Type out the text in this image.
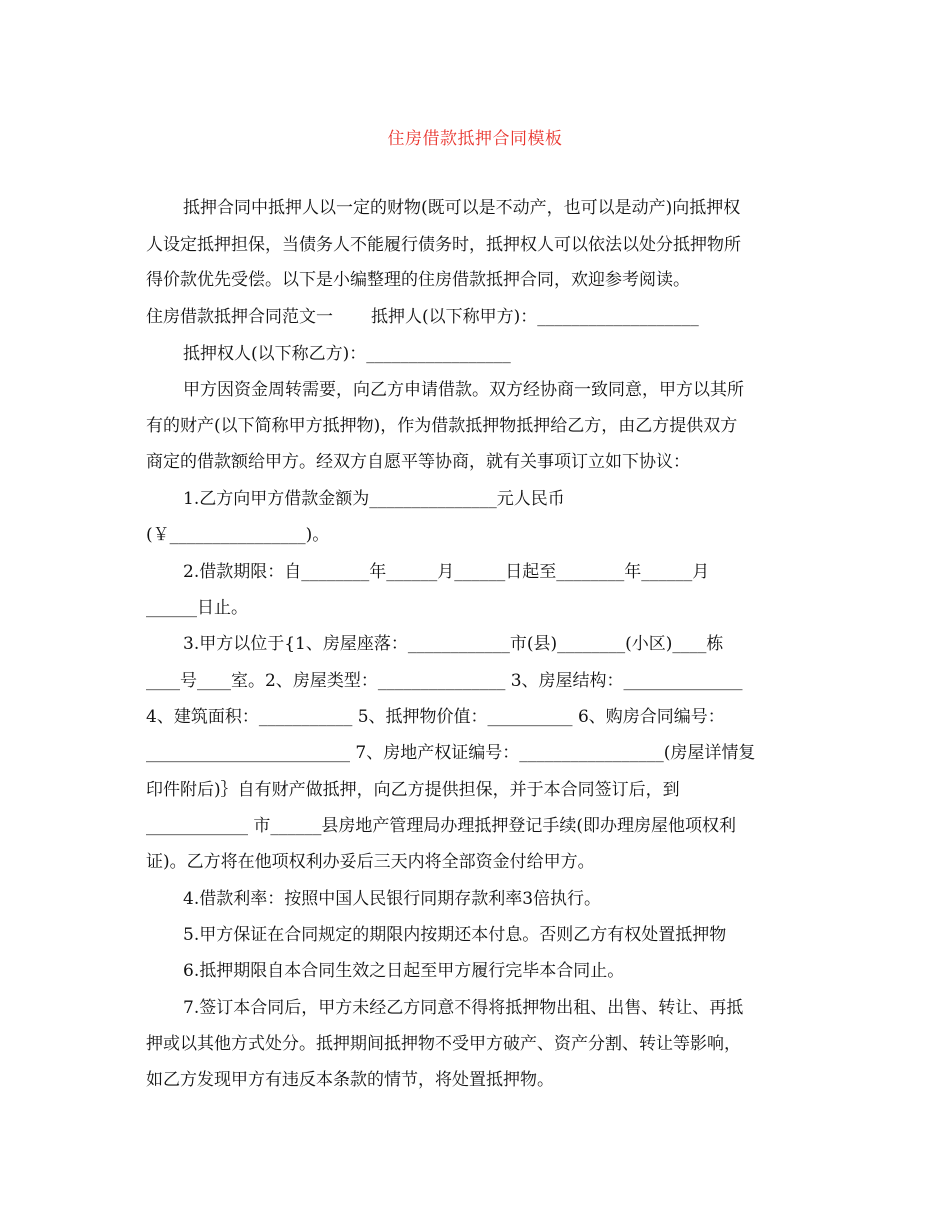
住房借款抵押合同模板
抵押合同中抵押人以一定的财物(既可以是不动产，也可以是动产)向抵押权
人设定抵押担保，当债务人不能履行债务时，抵押权人可以依法以处分抵押物所
得价款优先受偿。以下是小编整理的住房借款抵押合同，欢迎参考阅读。
住房借款抵押合同范文一 抵押人(以下称甲方)：___________________
抵押权人(以下称乙方)：_________________
甲方因资金周转需要，向乙方申请借款。双方经协商一致同意，甲方以其所
有的财产(以下简称甲方抵押物)，作为借款抵押物抵押给乙方，由乙方提供双方
商定的借款额给甲方。经双方自愿平等协商，就有关事项订立如下协议：
1.乙方向甲方借款金额为_______________元人民币
(￥________________)。
2.借款期限：自________年______月______日起至________年______月
______日止。
3.甲方以位于{1、房屋座落：____________市(县)________(小区)____栋
____号____室。2、房屋类型：_______________ 3、房屋结构：______________
4、建筑面积：___________ 5、抵押物价值：__________ 6、购房合同编号：
________________________ 7、房地产权证编号：_________________(房屋详情复
印件附后)｝自有财产做抵押，向乙方提供担保，并于本合同签订后，到
____________ 市______县房地产管理局办理抵押登记手续(即办理房屋他项权利
证)。乙方将在他项权利办妥后三天内将全部资金付给甲方。
4.借款利率：按照中国人民银行同期存款利率3倍执行。
5.甲方保证在合同规定的期限内按期还本付息。否则乙方有权处置抵押物
6.抵押期限自本合同生效之日起至甲方履行完毕本合同止。
7.签订本合同后，甲方未经乙方同意不得将抵押物出租、出售、转让、再抵
押或以其他方式处分。抵押期间抵押物不受甲方破产、资产分割、转让等影响，
如乙方发现甲方有违反本条款的情节，将处置抵押物。
